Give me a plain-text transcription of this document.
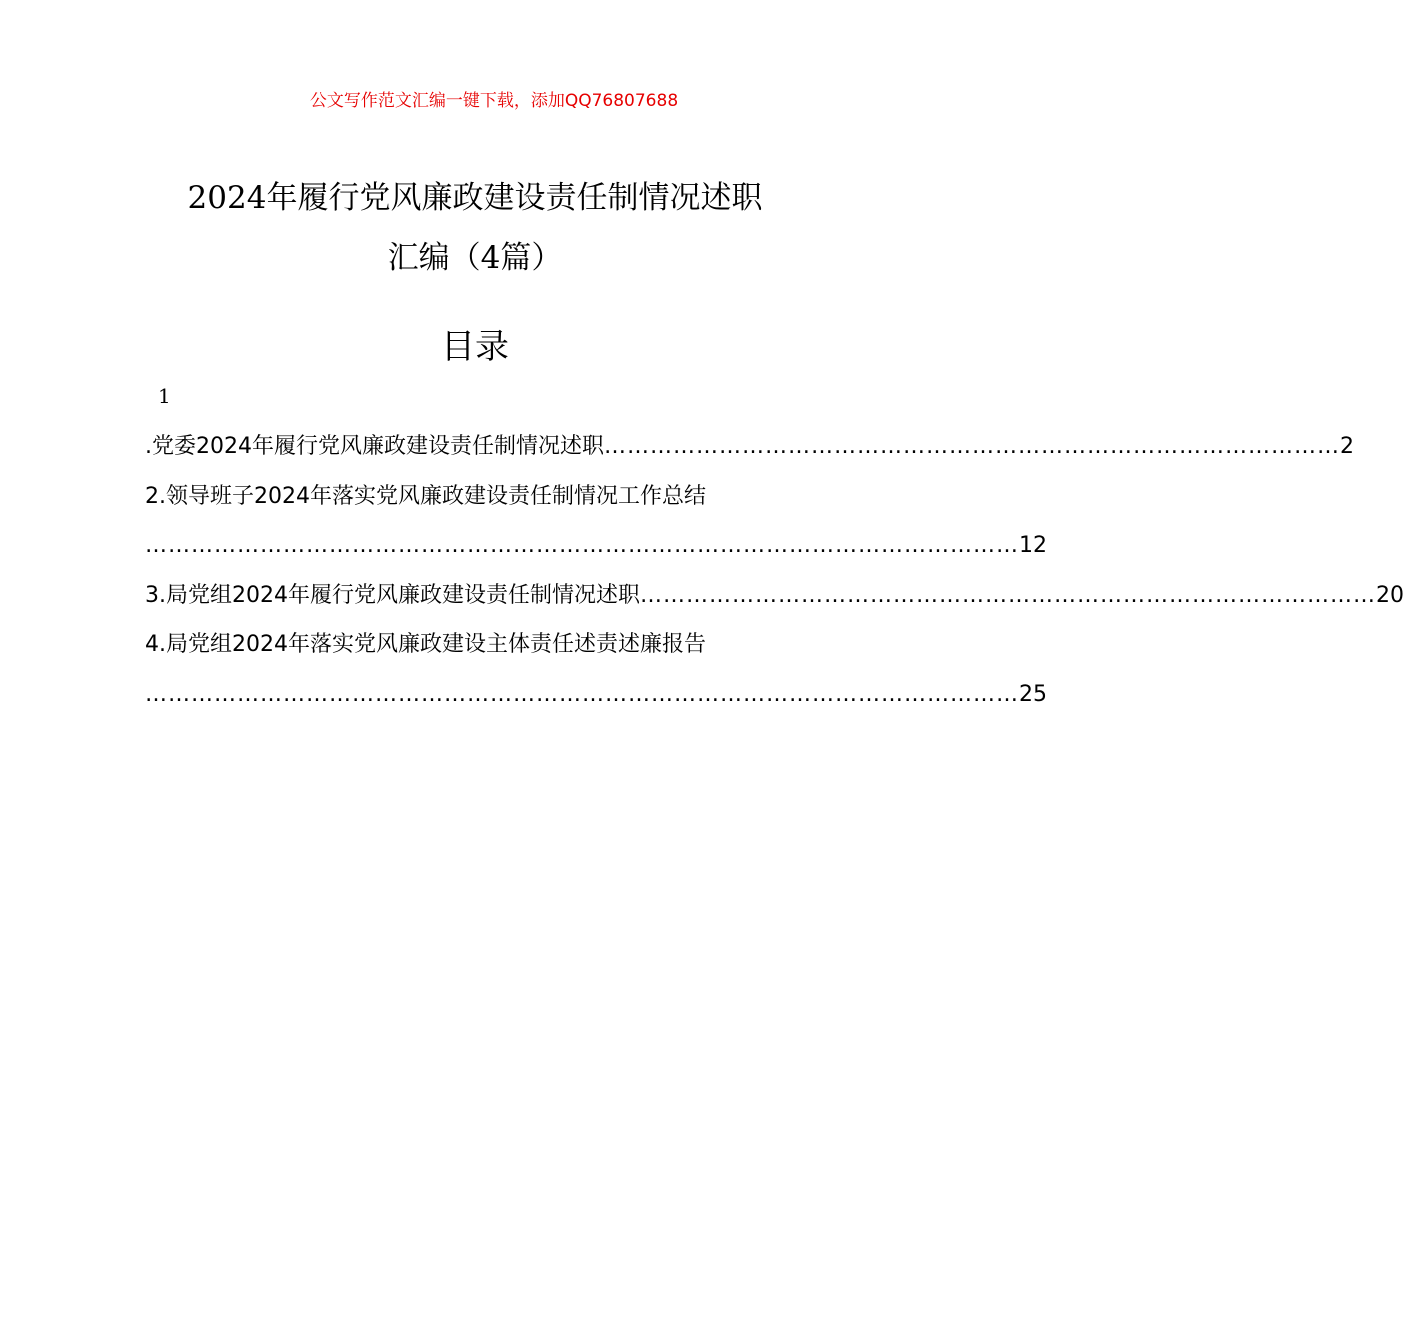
公文写作范文汇编一键下载，添加QQ76807688
2024年履行党风廉政建设责任制情况述职
汇编（4篇）
目录
1
.党委2024年履行党风廉政建设责任制情况述职 …………………………………………………………………………………… 2
2.领导班子2024年落实党风廉政建设责任制情况工作总结
…………………………………………………………………………………………………… 12
3.局党组2024年履行党风廉政建设责任制情况述职 …………………………………………………………………………………… 20
4.局党组2024年落实党风廉政建设主体责任述责述廉报告
…………………………………………………………………………………………………… 25
